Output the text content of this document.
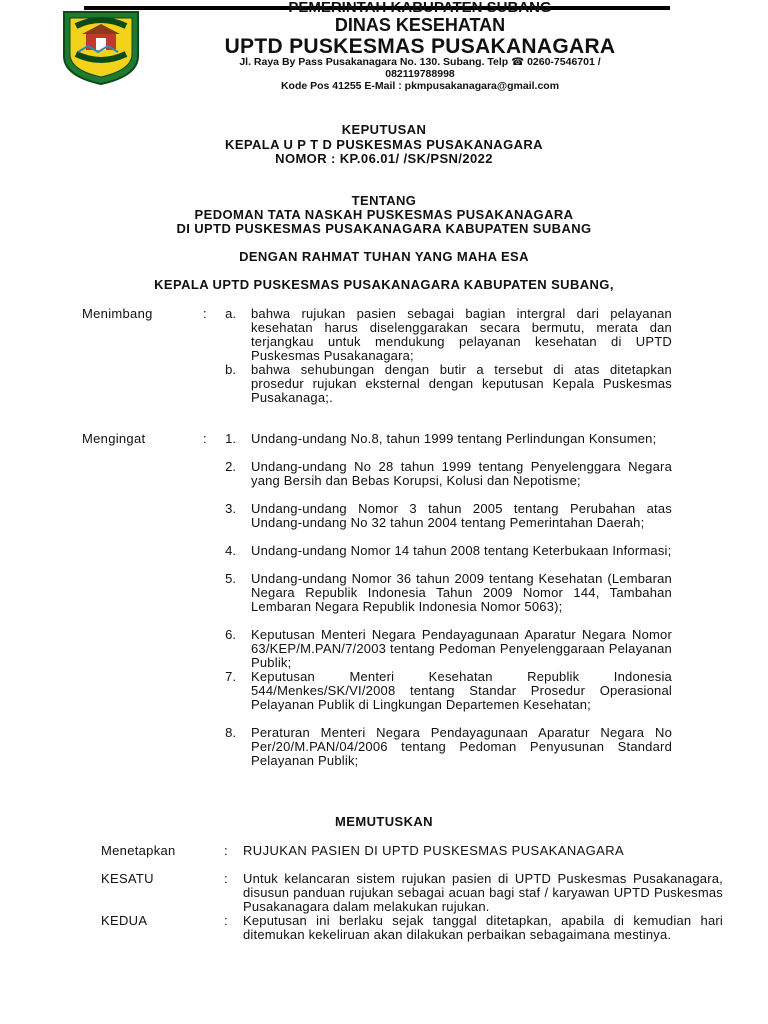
PEMERINTAH KABUPATEN SUBANG
DINAS KESEHATAN
UPTD PUSKESMAS PUSAKANAGARA
Jl. Raya By Pass Pusakanagara No. 130. Subang. Telp ☎ 0260-7546701 /
082119788998
Kode Pos 41255 E-Mail : pkmpusakanagara@gmail.com
KEPUTUSAN
KEPALA U P T D PUSKESMAS PUSAKANAGARA
NOMOR : KP.06.01/ /SK/PSN/2022
TENTANG
PEDOMAN TATA NASKAH PUSKESMAS PUSAKANAGARA
DI UPTD PUSKESMAS PUSAKANAGARA KABUPATEN SUBANG
DENGAN RAHMAT TUHAN YANG MAHA ESA
KEPALA UPTD PUSKESMAS PUSAKANAGARA KABUPATEN SUBANG,
Menimbang	:	a. bahwa rujukan pasien sebagai bagian intergral dari pelayanan kesehatan harus diselenggarakan secara bermutu, merata dan terjangkau untuk mendukung pelayanan kesehatan di UPTD Puskesmas Pusakanagara;
b. bahwa sehubungan dengan butir a tersebut di atas ditetapkan prosedur rujukan eksternal dengan keputusan Kepala Puskesmas Pusakanaga;.
Mengingat	:	1. Undang-undang No.8, tahun 1999 tentang Perlindungan Konsumen;
2. Undang-undang No 28 tahun 1999 tentang Penyelenggara Negara yang Bersih dan Bebas Korupsi, Kolusi dan Nepotisme;
3. Undang-undang Nomor 3 tahun 2005 tentang Perubahan atas Undang-undang No 32 tahun 2004 tentang Pemerintahan Daerah;
4. Undang-undang Nomor 14 tahun 2008 tentang Keterbukaan Informasi;
5. Undang-undang Nomor 36 tahun 2009 tentang Kesehatan (Lembaran Negara Republik Indonesia Tahun 2009 Nomor 144, Tambahan Lembaran Negara Republik Indonesia Nomor 5063);
6. Keputusan Menteri Negara Pendayagunaan Aparatur Negara Nomor 63/KEP/M.PAN/7/2003 tentang Pedoman Penyelenggaraan Pelayanan Publik;
7. Keputusan Menteri Kesehatan Republik Indonesia 544/Menkes/SK/VI/2008 tentang Standar Prosedur Operasional Pelayanan Publik di Lingkungan Departemen Kesehatan;
8. Peraturan Menteri Negara Pendayagunaan Aparatur Negara No Per/20/M.PAN/04/2006 tentang Pedoman Penyusunan Standard Pelayanan Publik;
MEMUTUSKAN
Menetapkan	: RUJUKAN PASIEN DI UPTD PUSKESMAS PUSAKANAGARA
KESATU	: Untuk kelancaran sistem rujukan pasien di UPTD Puskesmas Pusakanagara, disusun panduan rujukan sebagai acuan bagi staf / karyawan UPTD Puskesmas Pusakanagara dalam melakukan rujukan.
KEDUA	: Keputusan ini berlaku sejak tanggal ditetapkan, apabila di kemudian hari ditemukan kekeliruan akan dilakukan perbaikan sebagaimana mestinya.
